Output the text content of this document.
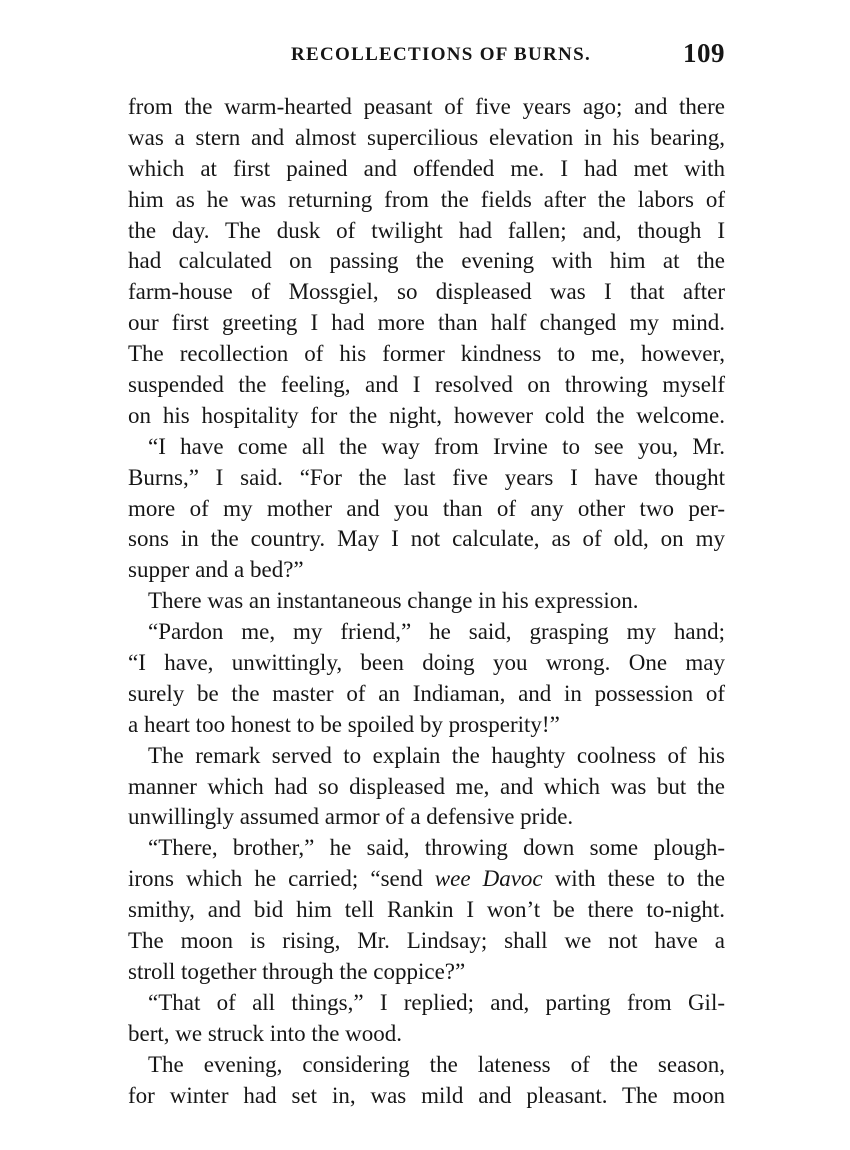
RECOLLECTIONS OF BURNS.	109
from the warm-hearted peasant of five years ago; and there
was a stern and almost supercilious elevation in his bearing,
which at first pained and offended me. I had met with
him as he was returning from the fields after the labors of
the day. The dusk of twilight had fallen; and, though I
had calculated on passing the evening with him at the
farm-house of Mossgiel, so displeased was I that after
our first greeting I had more than half changed my mind.
The recollection of his former kindness to me, however,
suspended the feeling, and I resolved on throwing myself
on his hospitality for the night, however cold the welcome.
“I have come all the way from Irvine to see you, Mr.
Burns,” I said. “For the last five years I have thought
more of my mother and you than of any other two per-
sons in the country. May I not calculate, as of old, on my
supper and a bed?”
There was an instantaneous change in his expression.
“Pardon me, my friend,” he said, grasping my hand;
“I have, unwittingly, been doing you wrong. One may
surely be the master of an Indiaman, and in possession of
a heart too honest to be spoiled by prosperity!”
The remark served to explain the haughty coolness of his
manner which had so displeased me, and which was but the
unwillingly assumed armor of a defensive pride.
“There, brother,” he said, throwing down some plough-
irons which he carried; “send wee Davoc with these to the
smithy, and bid him tell Rankin I won’t be there to-night.
The moon is rising, Mr. Lindsay; shall we not have a
stroll together through the coppice?”
“That of all things,” I replied; and, parting from Gil-
bert, we struck into the wood.
The evening, considering the lateness of the season,
for winter had set in, was mild and pleasant. The moon
